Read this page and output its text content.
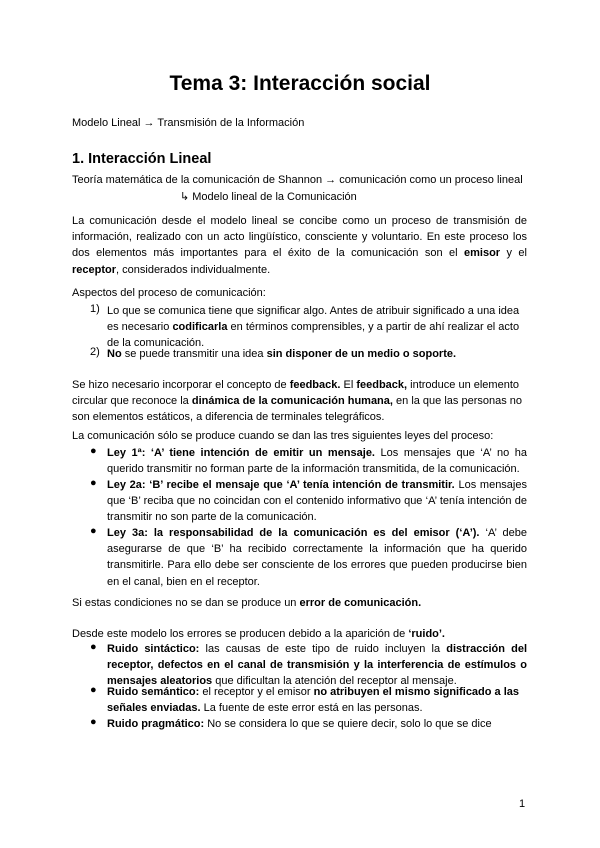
Tema 3: Interacción social
Modelo Lineal → Transmisión de la Información
1. Interacción Lineal
Teoría matemática de la comunicación de Shannon → comunicación como un proceso lineal
↳ Modelo lineal de la Comunicación

La comunicación desde el modelo lineal se concibe como un proceso de transmisión de información, realizado con un acto lingüístico, consciente y voluntario. En este proceso los dos elementos más importantes para el éxito de la comunicación son el emisor y el receptor, considerados individualmente.

Aspectos del proceso de comunicación:
1) Lo que se comunica tiene que significar algo. Antes de atribuir significado a una idea es necesario codificarla en términos comprensibles, y a partir de ahí realizar el acto de la comunicación.

2) No se puede transmitir una idea sin disponer de un medio o soporte.

Se hizo necesario incorporar el concepto de feedback. El feedback, introduce un elemento circular que reconoce la dinámica de la comunicación humana, en la que las personas no son elementos estáticos, a diferencia de terminales telegráficos.

La comunicación sólo se produce cuando se dan las tres siguientes leyes del proceso:
● Ley 1ª: ‘A’ tiene intención de emitir un mensaje. Los mensajes que ‘A’ no ha querido transmitir no forman parte de la información transmitida, de la comunicación.

● Ley 2a: ‘B’ recibe el mensaje que ‘A’ tenía intención de transmitir. Los mensajes que ‘B’ reciba que no coincidan con el contenido informativo que ‘A’ tenía intención de transmitir no son parte de la comunicación.

● Ley 3a: la responsabilidad de la comunicación es del emisor (‘A’). ‘A’ debe asegurarse de que ‘B’ ha recibido correctamente la información que ha querido transmitirle. Para ello debe ser consciente de los errores que pueden producirse bien en el canal, bien en el receptor.

Si estas condiciones no se dan se produce un error de comunicación.

Desde este modelo los errores se producen debido a la aparición de ‘ruido’.

● Ruido sintáctico: las causas de este tipo de ruido incluyen la distracción del receptor, defectos en el canal de transmisión y la interferencia de estímulos o mensajes aleatorios que dificultan la atención del receptor al mensaje.

● Ruido semántico: el receptor y el emisor no atribuyen el mismo significado a las señales enviadas. La fuente de este error está en las personas.

● Ruido pragmático: No se considera lo que se quiere decir, solo lo que se dice

1
